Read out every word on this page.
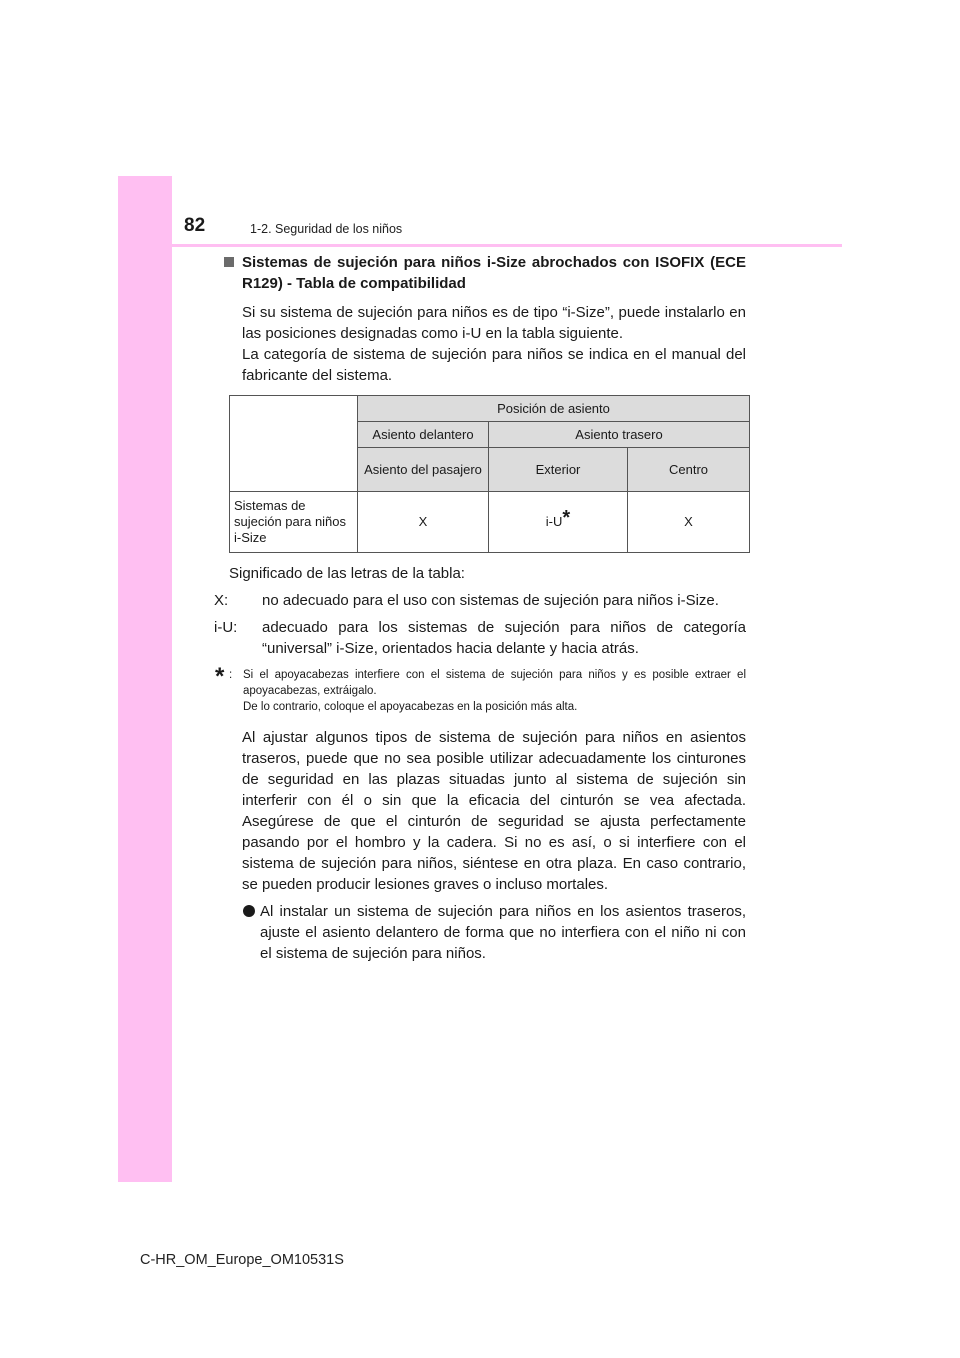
82	1-2. Seguridad de los niños
Sistemas de sujeción para niños i-Size abrochados con ISOFIX (ECE R129) - Tabla de compatibilidad
Si su sistema de sujeción para niños es de tipo “i-Size”, puede instalarlo en las posiciones designadas como i-U en la tabla siguiente.
La categoría de sistema de sujeción para niños se indica en el manual del fabricante del sistema.
	Posición de asiento		
	Asiento delantero	Asiento trasero	
	Asiento del pasajero	Exterior	Centro
Sistemas de sujeción para niños i-Size	X	i-U*	X
Significado de las letras de la tabla:
X:	no adecuado para el uso con sistemas de sujeción para niños i-Size.
i-U:	adecuado para los sistemas de sujeción para niños de categoría “universal” i-Size, orientados hacia delante y hacia atrás.
* : Si el apoyacabezas interfiere con el sistema de sujeción para niños y es posible extraer el apoyacabezas, extráigalo.
De lo contrario, coloque el apoyacabezas en la posición más alta.
Al ajustar algunos tipos de sistema de sujeción para niños en asientos traseros, puede que no sea posible utilizar adecuadamente los cinturones de seguridad en las plazas situadas junto al sistema de sujeción sin interferir con él o sin que la eficacia del cinturón se vea afectada. Asegúrese de que el cinturón de seguridad se ajusta perfectamente pasando por el hombro y la cadera. Si no es así, o si interfiere con el sistema de sujeción para niños, siéntese en otra plaza. En caso contrario, se pueden producir lesiones graves o incluso mortales.
Al instalar un sistema de sujeción para niños en los asientos traseros, ajuste el asiento delantero de forma que no interfiera con el niño ni con el sistema de sujeción para niños.
C-HR_OM_Europe_OM10531S
